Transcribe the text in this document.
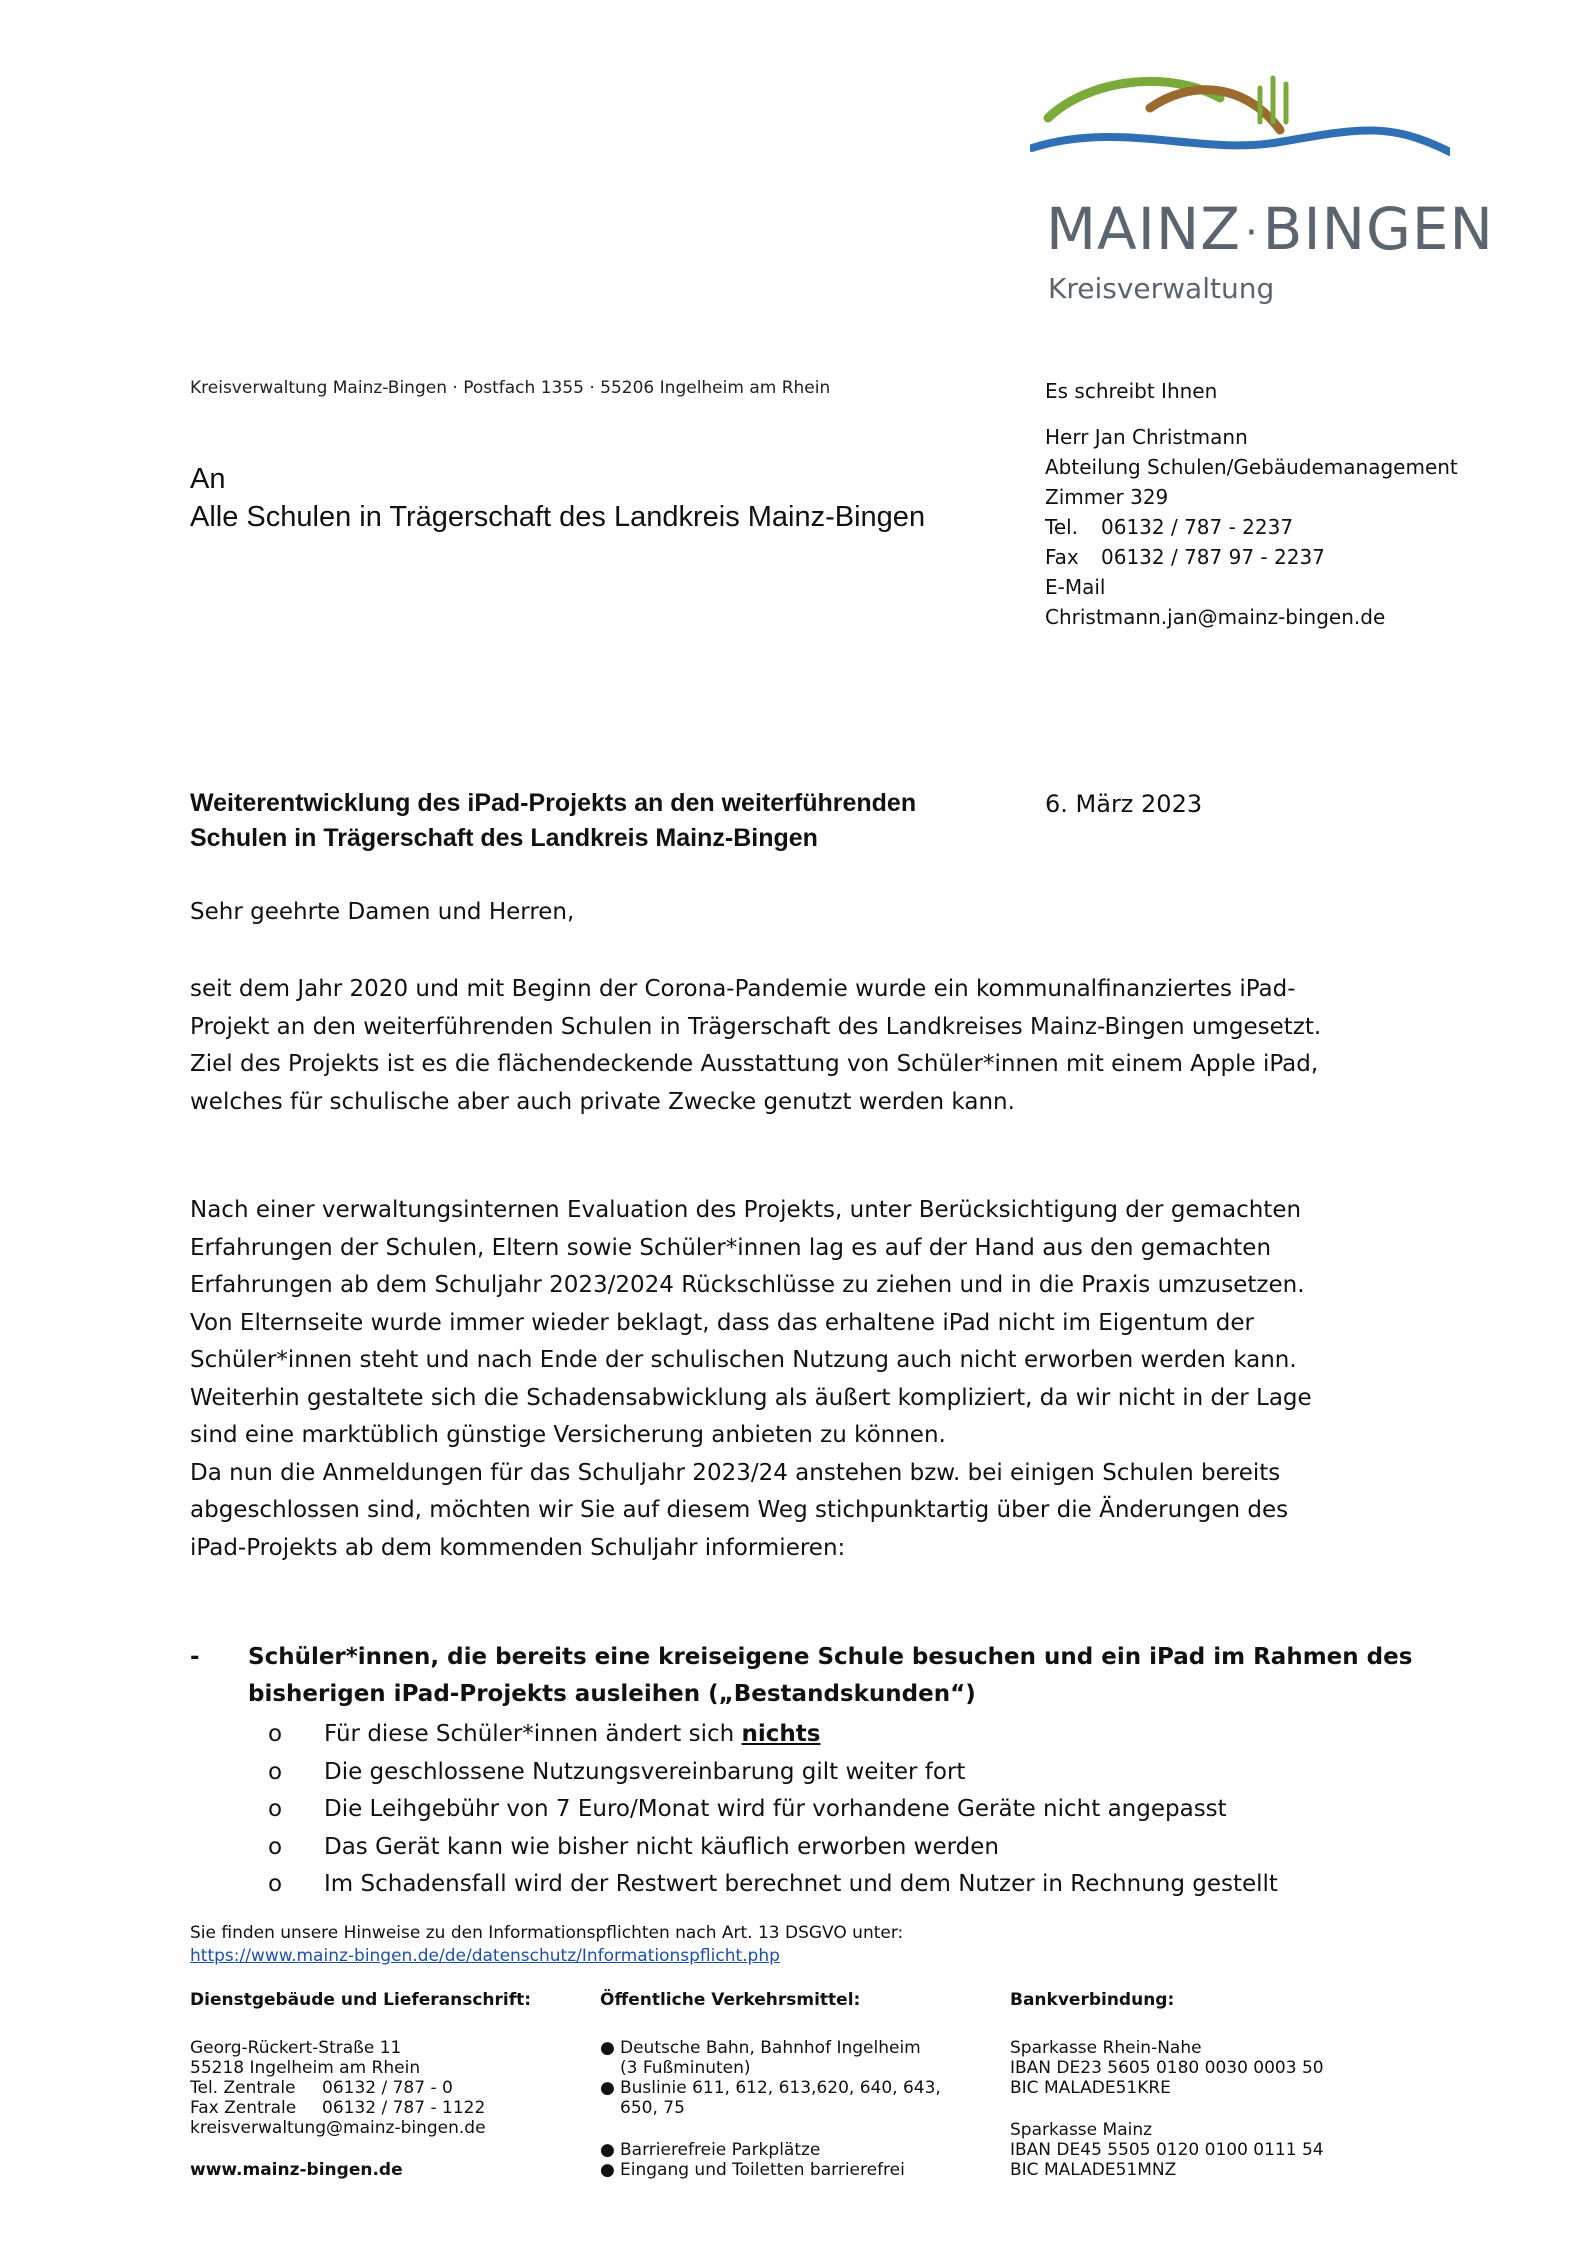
MAINZ ·BINGEN
Kreisverwaltung
Kreisverwaltung Mainz-Bingen · Postfach 1355 · 55206 Ingelheim am Rhein
An
Alle Schulen in Trägerschaft des Landkreis Mainz-Bingen
Es schreibt Ihnen
Herr Jan Christmann
Abteilung Schulen/Gebäudemanagement
Zimmer 329
Tel. 06132 / 787 - 2237
Fax 06132 / 787 97 - 2237
E-Mail
Christmann.jan@mainz-bingen.de
Weiterentwicklung des iPad-Projekts an den weiterführenden
Schulen in Trägerschaft des Landkreis Mainz-Bingen
6. März 2023
Sehr geehrte Damen und Herren,
seit dem Jahr 2020 und mit Beginn der Corona-Pandemie wurde ein kommunalfinanziertes iPad-
Projekt an den weiterführenden Schulen in Trägerschaft des Landkreises Mainz-Bingen umgesetzt.
Ziel des Projekts ist es die flächendeckende Ausstattung von Schüler*innen mit einem Apple iPad,
welches für schulische aber auch private Zwecke genutzt werden kann.
Nach einer verwaltungsinternen Evaluation des Projekts, unter Berücksichtigung der gemachten
Erfahrungen der Schulen, Eltern sowie Schüler*innen lag es auf der Hand aus den gemachten
Erfahrungen ab dem Schuljahr 2023/2024 Rückschlüsse zu ziehen und in die Praxis umzusetzen.
Von Elternseite wurde immer wieder beklagt, dass das erhaltene iPad nicht im Eigentum der
Schüler*innen steht und nach Ende der schulischen Nutzung auch nicht erworben werden kann.
Weiterhin gestaltete sich die Schadensabwicklung als äußert kompliziert, da wir nicht in der Lage
sind eine marktüblich günstige Versicherung anbieten zu können.
Da nun die Anmeldungen für das Schuljahr 2023/24 anstehen bzw. bei einigen Schulen bereits
abgeschlossen sind, möchten wir Sie auf diesem Weg stichpunktartig über die Änderungen des
iPad-Projekts ab dem kommenden Schuljahr informieren:
- Schüler*innen, die bereits eine kreiseigene Schule besuchen und ein iPad im Rahmen des
bisherigen iPad-Projekts ausleihen („Bestandskunden“)
o Für diese Schüler*innen ändert sich nichts
o Die geschlossene Nutzungsvereinbarung gilt weiter fort
o Die Leihgebühr von 7 Euro/Monat wird für vorhandene Geräte nicht angepasst
o Das Gerät kann wie bisher nicht käuflich erworben werden
o Im Schadensfall wird der Restwert berechnet und dem Nutzer in Rechnung gestellt
Sie finden unsere Hinweise zu den Informationspflichten nach Art. 13 DSGVO unter:
https://www.mainz-bingen.de/de/datenschutz/Informationspflicht.php
Dienstgebäude und Lieferanschrift:
Georg-Rückert-Straße 11
55218 Ingelheim am Rhein
Tel. Zentrale 06132 / 787 - 0
Fax Zentrale 06132 / 787 - 1122
kreisverwaltung@mainz-bingen.de
www.mainz-bingen.de
Öffentliche Verkehrsmittel:
● Deutsche Bahn, Bahnhof Ingelheim
(3 Fußminuten)
● Buslinie 611, 612, 613,620, 640, 643,
650, 75
● Barrierefreie Parkplätze
● Eingang und Toiletten barrierefrei
Bankverbindung:
Sparkasse Rhein-Nahe
IBAN DE23 5605 0180 0030 0003 50
BIC MALADE51KRE
Sparkasse Mainz
IBAN DE45 5505 0120 0100 0111 54
BIC MALADE51MNZ
